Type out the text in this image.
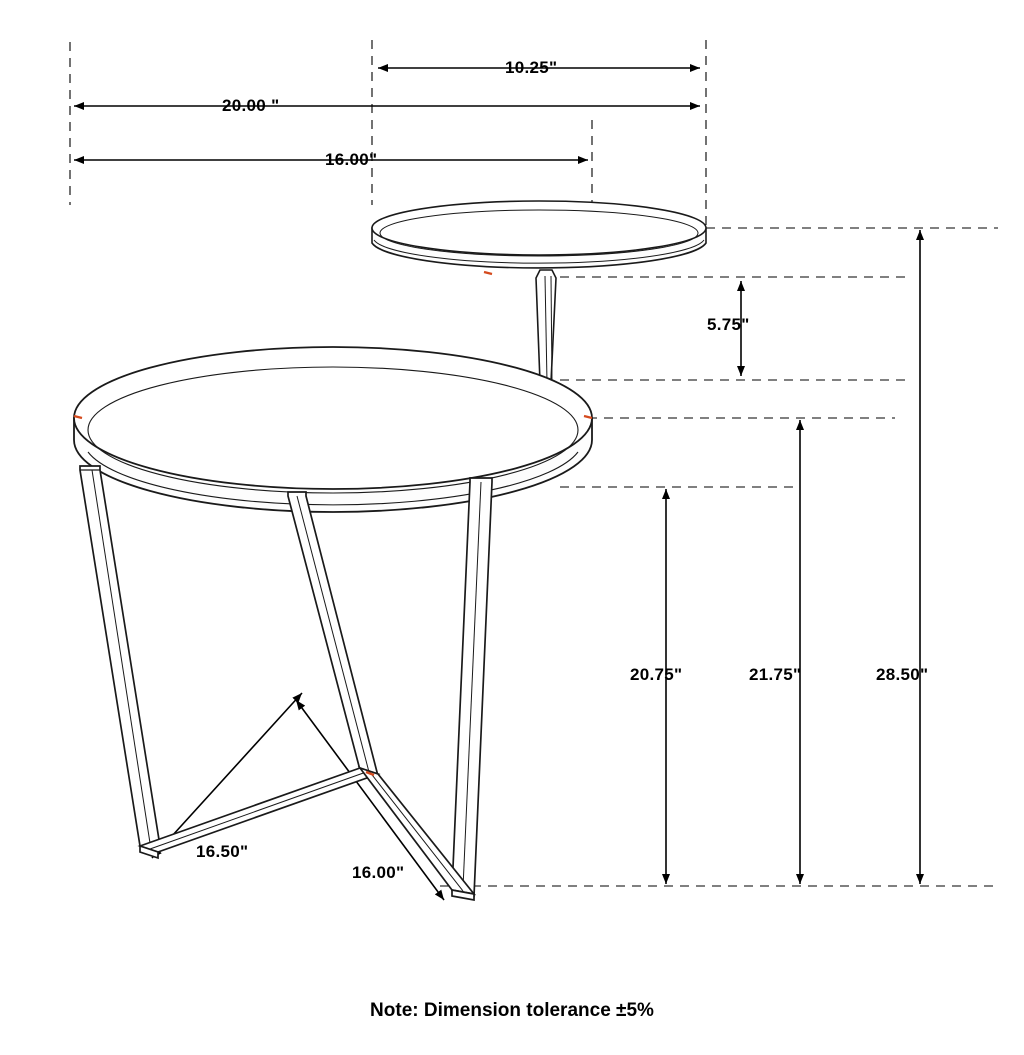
10.25"
20.00 "
16.00"
5.75"
20.75"	21.75"	28.50"
16.50"
16.00"
Note: Dimension tolerance ±5%
